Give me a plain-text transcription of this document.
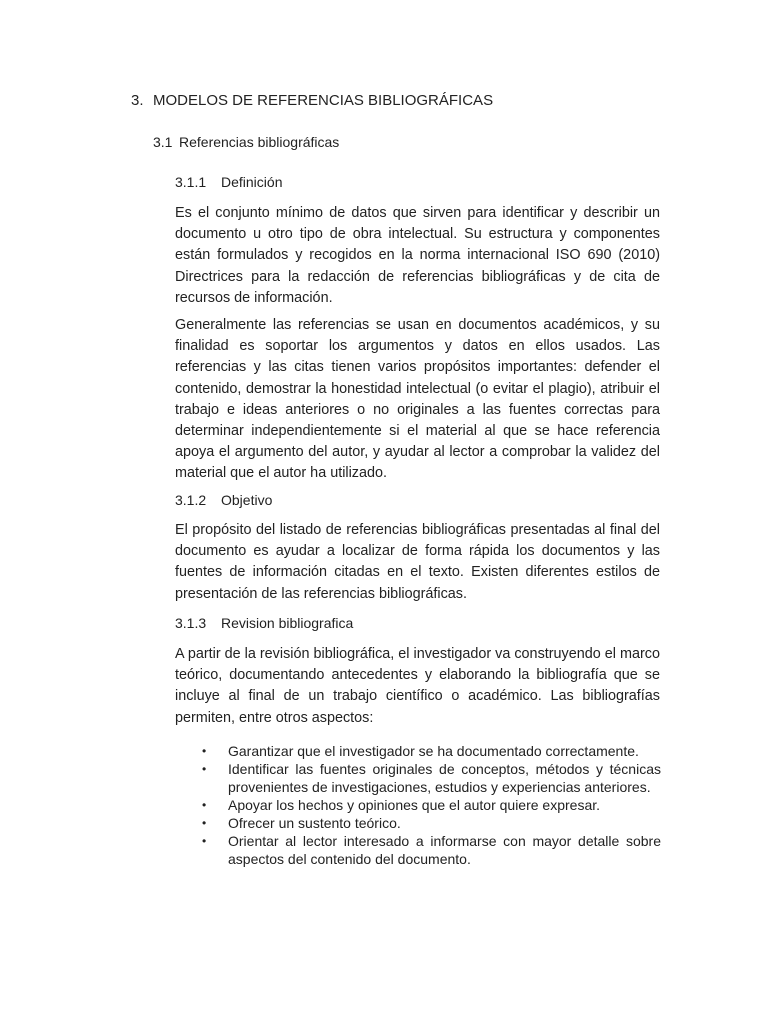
3. MODELOS DE REFERENCIAS BIBLIOGRÁFICAS
3.1 Referencias bibliográficas
3.1.1 Definición

Es el conjunto mínimo de datos que sirven para identificar y describir un documento u otro tipo de obra intelectual. Su estructura y componentes están formulados y recogidos en la norma internacional ISO 690 (2010) Directrices para la redacción de referencias bibliográficas y de cita de recursos de información.

Generalmente las referencias se usan en documentos académicos, y su finalidad es soportar los argumentos y datos en ellos usados. Las referencias y las citas tienen varios propósitos importantes: defender el contenido, demostrar la honestidad intelectual (o evitar el plagio), atribuir el trabajo e ideas anteriores o no originales a las fuentes correctas para determinar independientemente si el material al que se hace referencia apoya el argumento del autor, y ayudar al lector a comprobar la validez del material que el autor ha utilizado.

3.1.2 Objetivo

El propósito del listado de referencias bibliográficas presentadas al final del documento es ayudar a localizar de forma rápida los documentos y las fuentes de información citadas en el texto. Existen diferentes estilos de presentación de las referencias bibliográficas.

3.1.3 Revision bibliografica

A partir de la revisión bibliográfica, el investigador va construyendo el marco teórico, documentando antecedentes y elaborando la bibliografía que se incluye al final de un trabajo científico o académico. Las bibliografías permiten, entre otros aspectos:

• Garantizar que el investigador se ha documentado correctamente.
• Identificar las fuentes originales de conceptos, métodos y técnicas provenientes de investigaciones, estudios y experiencias anteriores.
• Apoyar los hechos y opiniones que el autor quiere expresar.
• Ofrecer un sustento teórico.
• Orientar al lector interesado a informarse con mayor detalle sobre aspectos del contenido del documento.
